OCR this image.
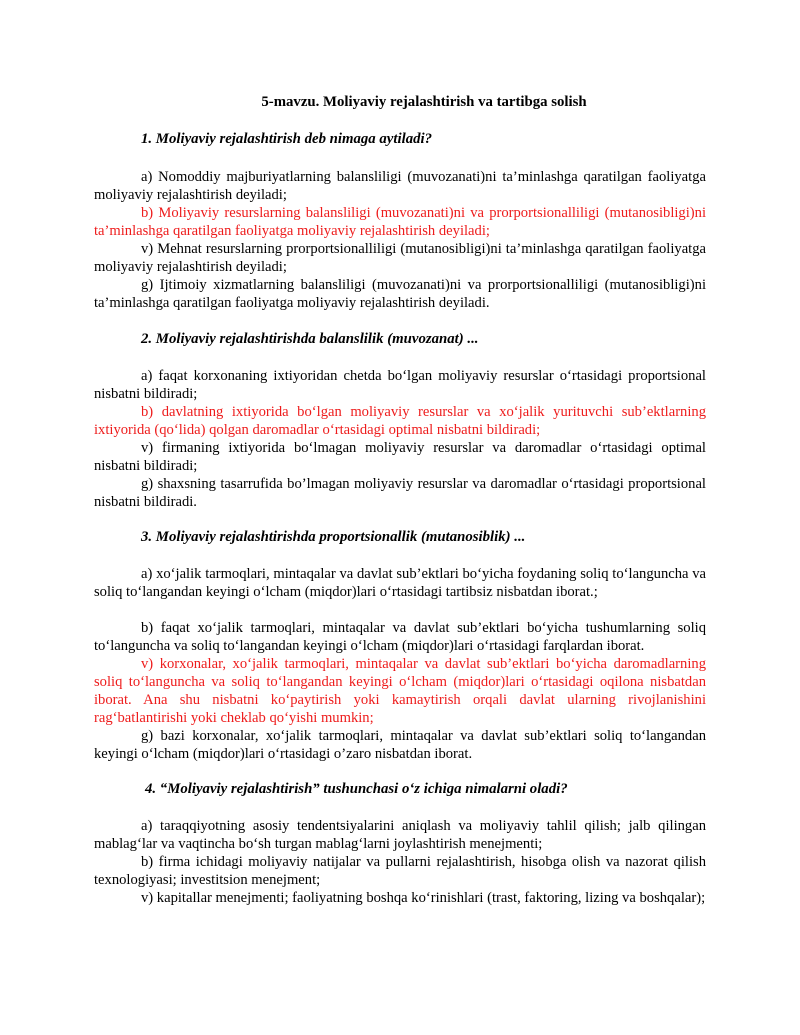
5-mavzu. Moliyaviy rejalashtirish va tartibga solish
1. Moliyaviy rejalashtirish deb nimaga aytiladi?

a) Nomoddiy majburiyatlarning balansliligi (muvozanati)ni ta’minlashga qaratilgan faoliyatga moliyaviy rejalashtirish deyiladi;

b) Moliyaviy resurslarning balansliligi (muvozanati)ni va prorportsionalliligi (mutanosibligi)ni ta’minlashga qaratilgan faoliyatga moliyaviy rejalashtirish deyiladi;

v) Mehnat resurslarning prorportsionalliligi (mutanosibligi)ni ta’minlashga qaratilgan faoliyatga moliyaviy rejalashtirish deyiladi;

g) Ijtimoiy xizmatlarning balansliligi (muvozanati)ni va prorportsionalliligi (mutanosibligi)ni ta’minlashga qaratilgan faoliyatga moliyaviy rejalashtirish deyiladi.

2. Moliyaviy rejalashtirishda balanslilik (muvozanat) ...

a) faqat korxonaning ixtiyoridan chetda bo‘lgan moliyaviy resurslar o‘rtasidagi proportsional nisbatni bildiradi;

b) davlatning ixtiyorida bo‘lgan moliyaviy resurslar va xo‘jalik yurituvchi sub’ektlarning ixtiyorida (qo‘lida) qolgan daromadlar o‘rtasidagi optimal nisbatni bildiradi;

v) firmaning ixtiyorida bo‘lmagan moliyaviy resurslar va daromadlar o‘rtasidagi optimal nisbatni bildiradi;

g) shaxsning tasarrufida bo’lmagan moliyaviy resurslar va daromadlar o‘rtasidagi proportsional nisbatni bildiradi.

3. Moliyaviy rejalashtirishda proportsionallik (mutanosiblik) ...

a) xo‘jalik tarmoqlari, mintaqalar va davlat sub’ektlari bo‘yicha foydaning soliq to‘languncha va soliq to‘langandan keyingi o‘lcham (miqdor)lari o‘rtasidagi tartibsiz nisbatdan iborat.;

b) faqat xo‘jalik tarmoqlari, mintaqalar va davlat sub’ektlari bo‘yicha tushumlarning soliq to‘languncha va soliq to‘langandan keyingi o‘lcham (miqdor)lari o‘rtasidagi farqlardan iborat.

v) korxonalar, xo‘jalik tarmoqlari, mintaqalar va davlat sub’ektlari bo‘yicha daromadlarning soliq to‘languncha va soliq to‘langandan keyingi o‘lcham (miqdor)lari o‘rtasidagi oqilona nisbatdan iborat. Ana shu nisbatni ko‘paytirish yoki kamaytirish orqali davlat ularning rivojlanishini rag‘batlantirishi yoki cheklab qo‘yishi mumkin;

g) bazi korxonalar, xo‘jalik tarmoqlari, mintaqalar va davlat sub’ektlari soliq to‘langandan keyingi o‘lcham (miqdor)lari o‘rtasidagi o’zaro nisbatdan iborat.

4. “Moliyaviy rejalashtirish” tushunchasi o‘z ichiga nimalarni oladi?

a) taraqqiyotning asosiy tendentsiyalarini aniqlash va moliyaviy tahlil qilish; jalb qilingan mablag‘lar va vaqtincha bo‘sh turgan mablag‘larni joylashtirish menejmenti;

b) firma ichidagi moliyaviy natijalar va pullarni rejalashtirish, hisobga olish va nazorat qilish texnologiyasi; investitsion menejment;

v) kapitallar menejmenti; faoliyatning boshqa ko‘rinishlari (trast, faktoring, lizing va boshqalar);
